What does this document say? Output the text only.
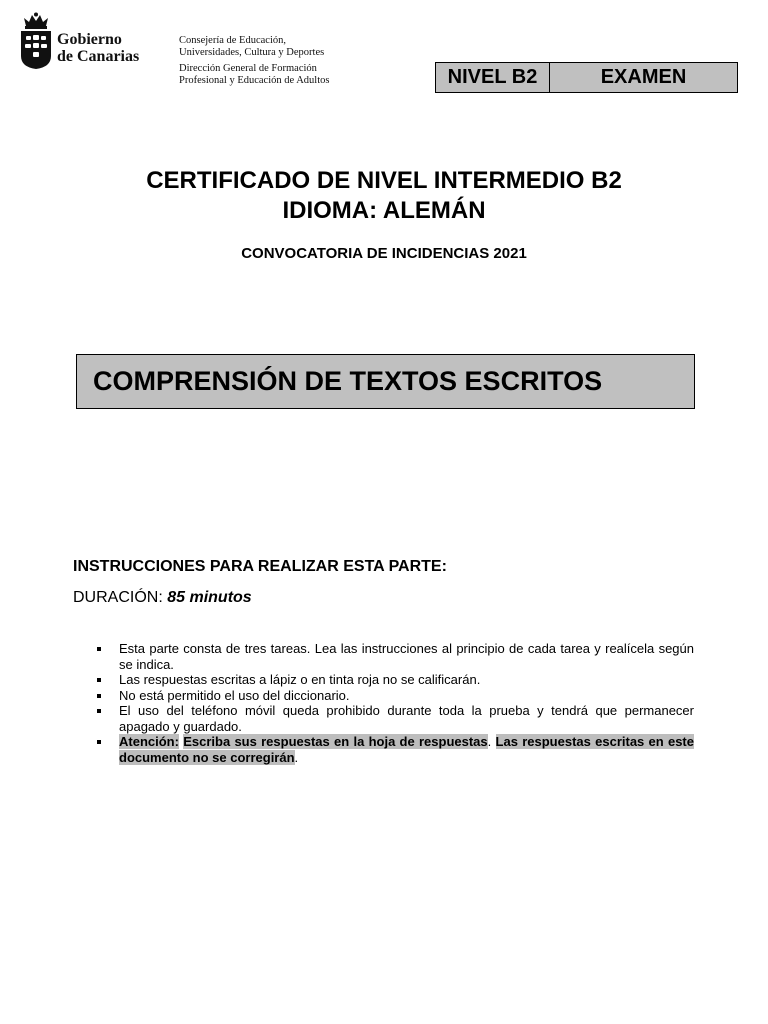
Gobierno
de Canarias
Consejería de Educación,
Universidades, Cultura y Deportes
Dirección General de Formación
Profesional y Educación de Adultos	NIVEL B2	EXAMEN
CERTIFICADO DE NIVEL INTERMEDIO B2
IDIOMA: ALEMÁN
CONVOCATORIA DE INCIDENCIAS 2021
COMPRENSIÓN DE TEXTOS ESCRITOS
INSTRUCCIONES PARA REALIZAR ESTA PARTE:
DURACIÓN: 85 minutos
Esta parte consta de tres tareas. Lea las instrucciones al principio de cada tarea y realícela según se indica.
Las respuestas escritas a lápiz o en tinta roja no se calificarán.
No está permitido el uso del diccionario.
El uso del teléfono móvil queda prohibido durante toda la prueba y tendrá que permanecer apagado y guardado.
Atención: Escriba sus respuestas en la hoja de respuestas. Las respuestas escritas en este documento no se corregirán.
